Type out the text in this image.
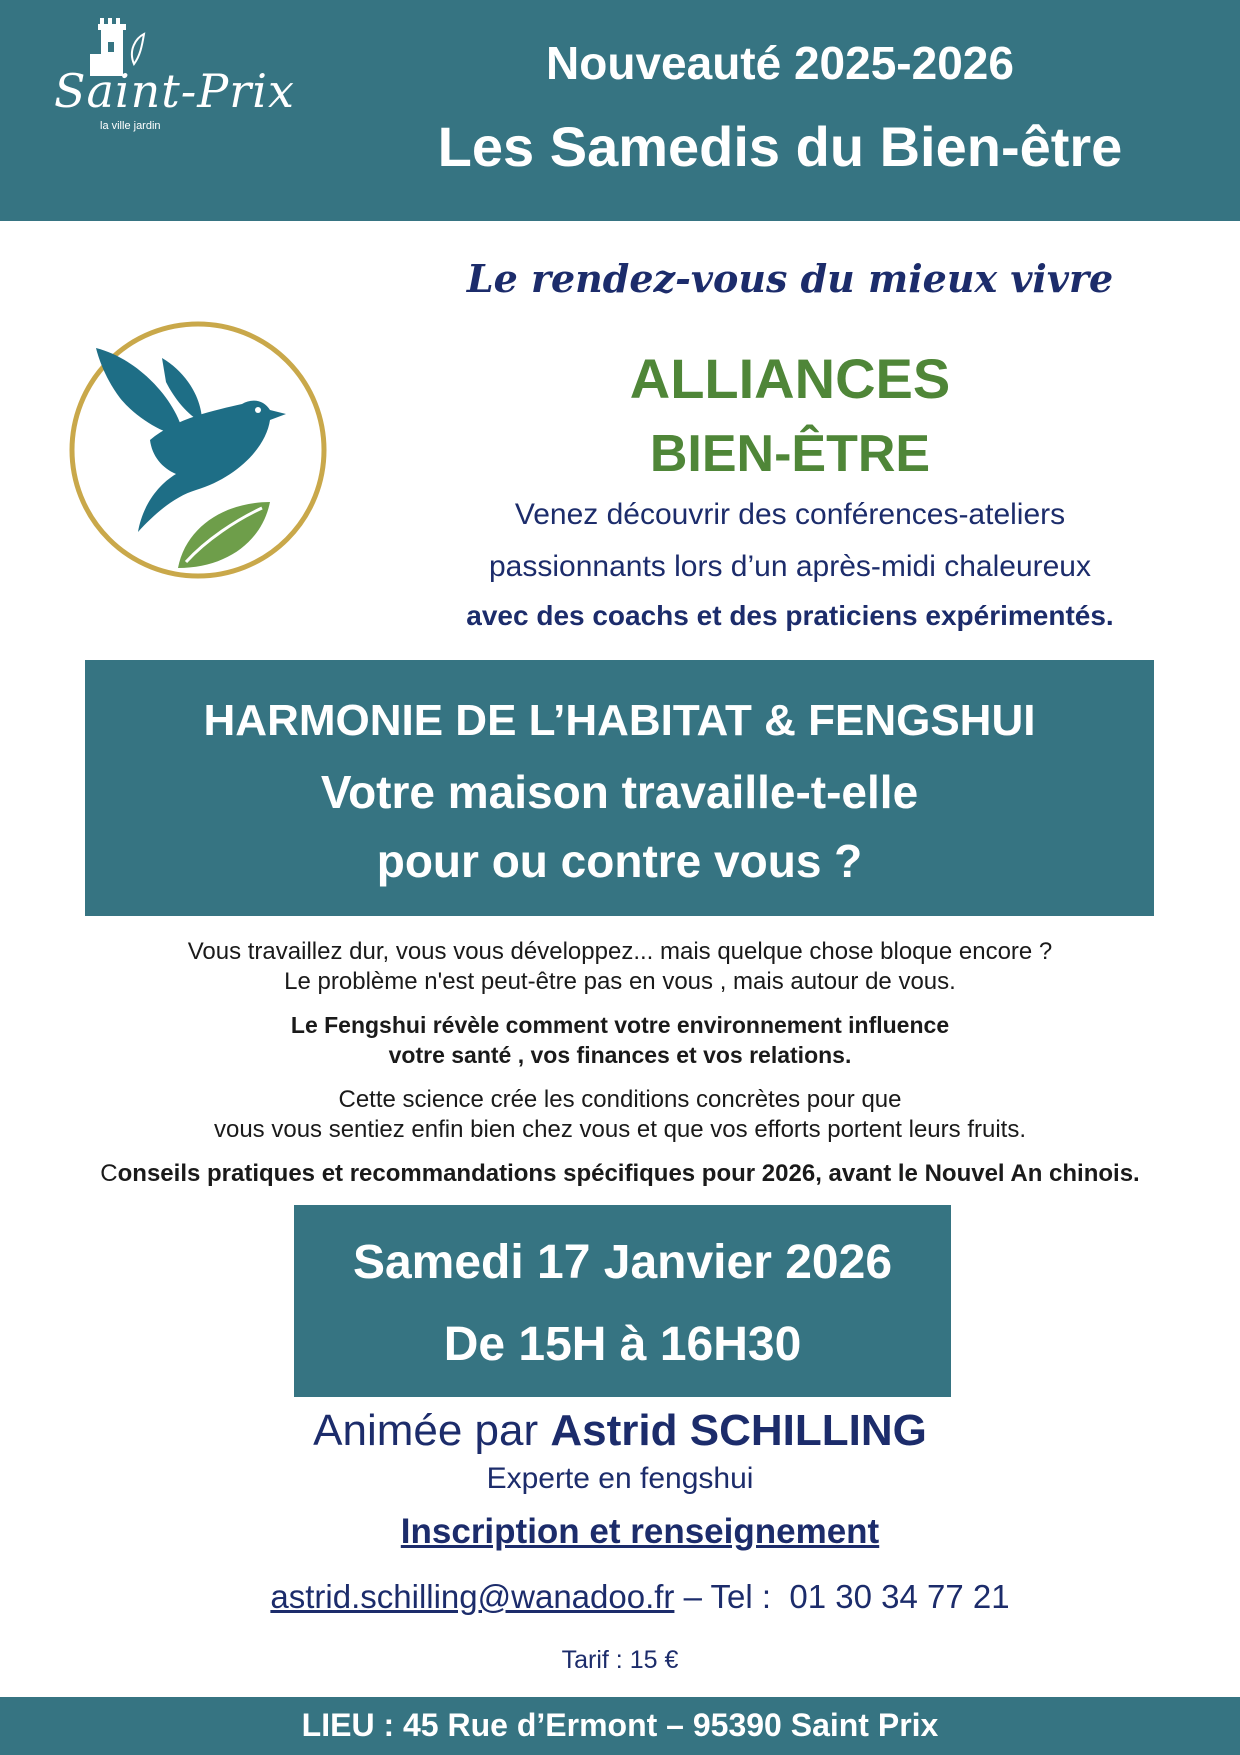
Saint-Prix
la ville jardin
Nouveauté 2025-2026
Les Samedis du Bien-être
Le rendez-vous du mieux vivre
ALLIANCES
BIEN-ÊTRE
Venez découvrir des conférences-ateliers
passionnants lors d’un après-midi chaleureux
avec des coachs et des praticiens expérimentés.
HARMONIE DE L’HABITAT & FENGSHUI
Votre maison travaille-t-elle
pour ou contre vous ?
Vous travaillez dur, vous vous développez... mais quelque chose bloque encore ?
Le problème n'est peut-être pas en vous , mais autour de vous.
Le Fengshui révèle comment votre environnement influence
votre santé , vos finances et vos relations.
Cette science crée les conditions concrètes pour que
vous vous sentiez enfin bien chez vous et que vos efforts portent leurs fruits.
Conseils pratiques et recommandations spécifiques pour 2026, avant le Nouvel An chinois.
Samedi 17 Janvier 2026
De 15H à 16H30
Animée par Astrid SCHILLING
Experte en fengshui
Inscription et renseignement
astrid.schilling@wanadoo.fr – Tel : 01 30 34 77 21
Tarif : 15 €
LIEU : 45 Rue d’Ermont – 95390 Saint Prix
